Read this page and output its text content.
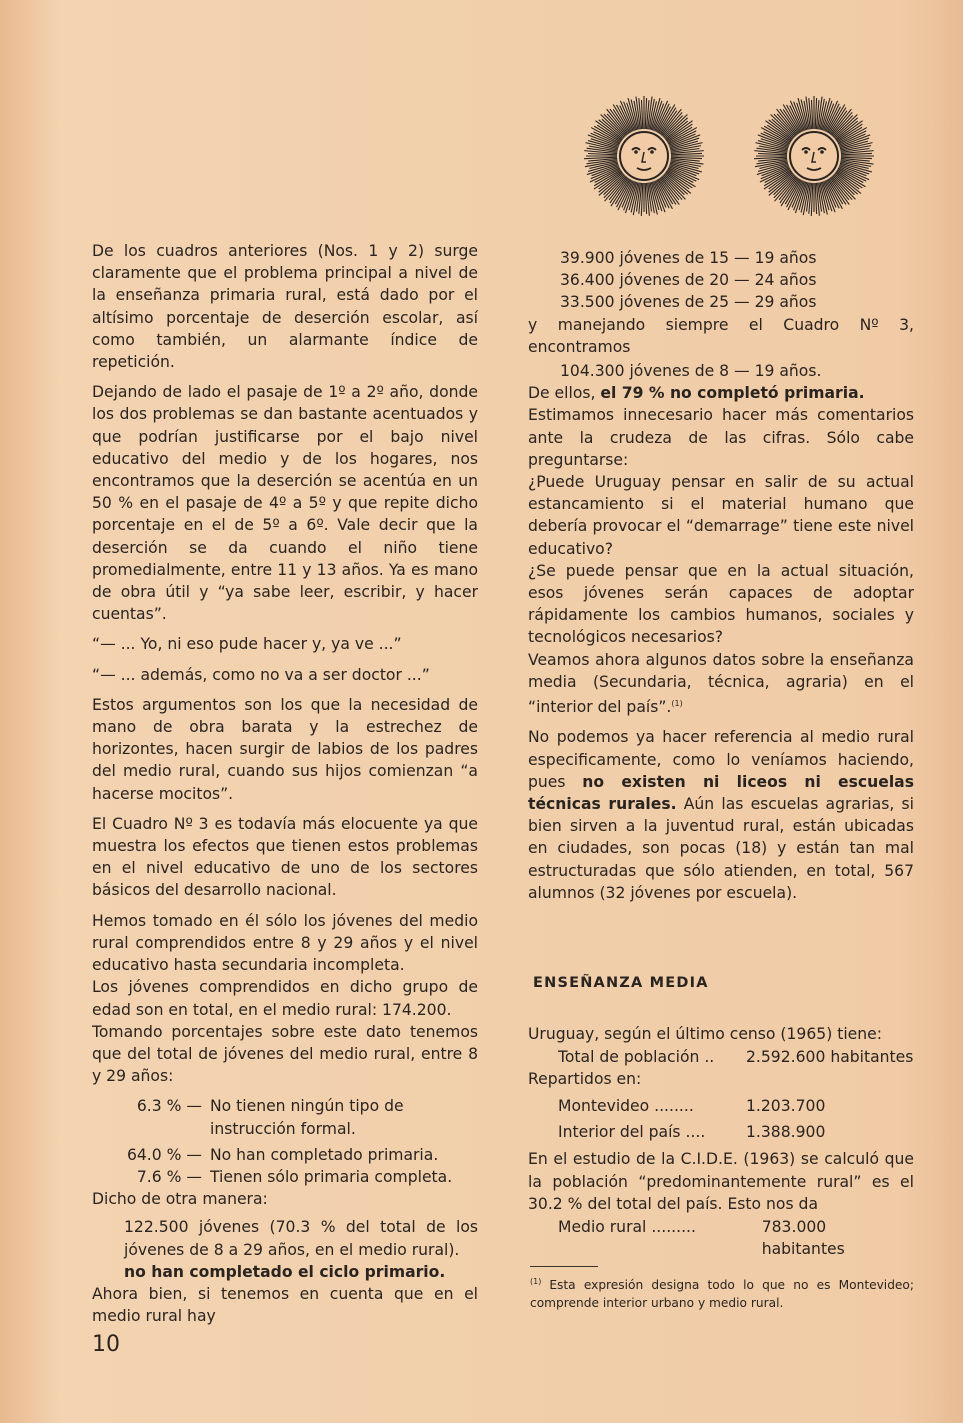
De los cuadros anteriores (Nos. 1 y 2) surge claramente que el problema principal a nivel de la enseñanza primaria rural, está dado por el altísimo porcentaje de deserción escolar, así como también, un alarmante índice de repetición.

Dejando de lado el pasaje de 1º a 2º año, donde los dos problemas se dan bastante acentuados y que podrían justificarse por el bajo nivel educativo del medio y de los hogares, nos encontramos que la deserción se acentúa en un 50 % en el pasaje de 4º a 5º y que repite dicho porcentaje en el de 5º a 6º. Vale decir que la deserción se da cuando el niño tiene promedialmente, entre 11 y 13 años. Ya es mano de obra útil y “ya sabe leer, escribir, y hacer cuentas”.

“— ... Yo, ni eso pude hacer y, ya ve ...”

“— ... además, como no va a ser doctor ...”

Estos argumentos son los que la necesidad de mano de obra barata y la estrechez de horizontes, hacen surgir de labios de los padres del medio rural, cuando sus hijos comienzan “a hacerse mocitos”.

El Cuadro Nº 3 es todavía más elocuente ya que muestra los efectos que tienen estos problemas en el nivel educativo de uno de los sectores básicos del desarrollo nacional.

Hemos tomado en él sólo los jóvenes del medio rural comprendidos entre 8 y 29 años y el nivel educativo hasta secundaria incompleta.

Los jóvenes comprendidos en dicho grupo de edad son en total, en el medio rural: 174.200.

Tomando porcentajes sobre este dato tenemos que del total de jóvenes del medio rural, entre 8 y 29 años:

6.3 % — No tienen ningún tipo de instrucción formal.
64.0 % — No han completado primaria.
7.6 % — Tienen sólo primaria completa.

Dicho de otra manera:

122.500 jóvenes (70.3 % del total de los jóvenes de 8 a 29 años, en el medio rural).

no han completado el ciclo primario.

Ahora bien, si tenemos en cuenta que en el medio rural hay

39.900 jóvenes de 15 — 19 años
36.400 jóvenes de 20 — 24 años
33.500 jóvenes de 25 — 29 años

y manejando siempre el Cuadro Nº 3, encontramos

104.300 jóvenes de 8 — 19 años.

De ellos, el 79 % no completó primaria.

Estimamos innecesario hacer más comentarios ante la crudeza de las cifras. Sólo cabe preguntarse:

¿Puede Uruguay pensar en salir de su actual estancamiento si el material humano que debería provocar el “demarrage” tiene este nivel educativo?

¿Se puede pensar que en la actual situación, esos jóvenes serán capaces de adoptar rápidamente los cambios humanos, sociales y tecnológicos necesarios?

Veamos ahora algunos datos sobre la enseñanza media (Secundaria, técnica, agraria) en el “interior del país”.$^{(1)}$

No podemos ya hacer referencia al medio rural especificamente, como lo veníamos haciendo, pues no existen ni liceos ni escuelas técnicas rurales. Aún las escuelas agrarias, si bien sirven a la juventud rural, están ubicadas en ciudades, son pocas (18) y están tan mal estructuradas que sólo atienden, en total, 567 alumnos (32 jóvenes por escuela).

ENSEÑANZA MEDIA

Uruguay, según el último censo (1965) tiene:

Total de población ..	2.592.600 habitantes

Repartidos en:

Montevideo ........	1.203.700
Interior del país ....	1.388.900

En el estudio de la C.I.D.E. (1963) se calculó que la población “predominantemente rural” es el 30.2 % del total del país. Esto nos da

Medio rural .........	783.000 habitantes
$^{(1)}$ Esta expresión designa todo lo que no es Montevideo; comprende interior urbano y medio rural.
10
